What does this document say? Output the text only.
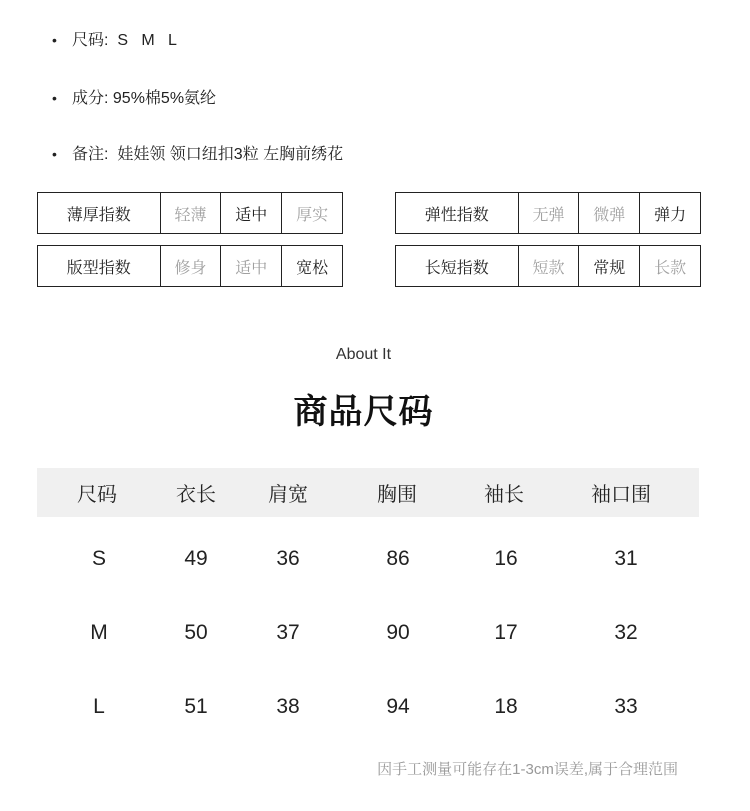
• 尺码: S   M   L
• 成分: 95%棉5%氨纶
• 备注: 娃娃领 领口纽扣3粒 左胸前绣花
薄厚指数	轻薄	适中	厚实	弹性指数	无弹	微弹	弹力
版型指数	修身	适中	宽松	长短指数	短款	常规	长款
About It
商品尺码
尺码	衣长	肩宽	胸围	袖长	袖口围
S	49	36	86	16	31
M	50	37	90	17	32
L	51	38	94	18	33
因手工测量可能存在1-3cm误差,属于合理范围
